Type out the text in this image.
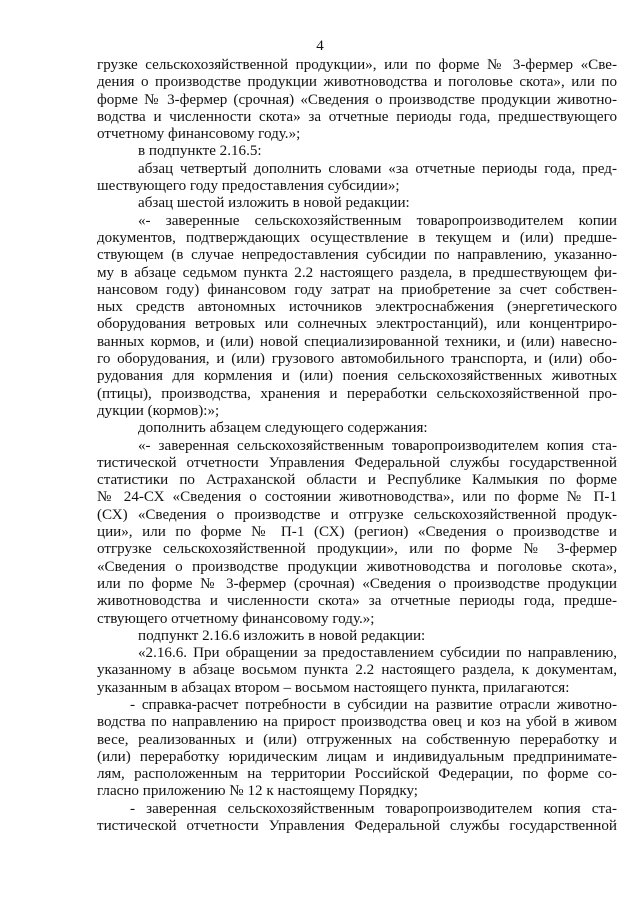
4
грузке сельскохозяйственной продукции», или по форме № 3-фермер «Све-
дения о производстве продукции животноводства и поголовье скота», или по
форме № 3-фермер (срочная) «Сведения о производстве продукции животно-
водства и численности скота» за отчетные периоды года, предшествующего
отчетному финансовому году.»;
в подпункте 2.16.5:
абзац четвертый дополнить словами «за отчетные периоды года, пред-
шествующего году предоставления субсидии»;
абзац шестой изложить в новой редакции:
«- заверенные сельскохозяйственным товаропроизводителем копии
документов, подтверждающих осуществление в текущем и (или) предше-
ствующем (в случае непредоставления субсидии по направлению, указанно-
му в абзаце седьмом пункта 2.2 настоящего раздела, в предшествующем фи-
нансовом году) финансовом году затрат на приобретение за счет собствен-
ных средств автономных источников электроснабжения (энергетического
оборудования ветровых или солнечных электростанций), или концентриро-
ванных кормов, и (или) новой специализированной техники, и (или) навесно-
го оборудования, и (или) грузового автомобильного транспорта, и (или) обо-
рудования для кормления и (или) поения сельскохозяйственных животных
(птицы), производства, хранения и переработки сельскохозяйственной про-
дукции (кормов):»;
дополнить абзацем следующего содержания:
«- заверенная сельскохозяйственным товаропроизводителем копия ста-
тистической отчетности Управления Федеральной службы государственной
статистики по Астраханской области и Республике Калмыкия по форме
№ 24-СХ «Сведения о состоянии животноводства», или по форме № П-1
(СХ) «Сведения о производстве и отгрузке сельскохозяйственной продук-
ции», или по форме № П-1 (СХ) (регион) «Сведения о производстве и
отгрузке сельскохозяйственной продукции», или по форме № 3-фермер
«Сведения о производстве продукции животноводства и поголовье скота»,
или по форме № 3-фермер (срочная) «Сведения о производстве продукции
животноводства и численности скота» за отчетные периоды года, предше-
ствующего отчетному финансовому году.»;
подпункт 2.16.6 изложить в новой редакции:
«2.16.6. При обращении за предоставлением субсидии по направлению,
указанному в абзаце восьмом пункта 2.2 настоящего раздела, к документам,
указанным в абзацах втором – восьмом настоящего пункта, прилагаются:
- справка-расчет потребности в субсидии на развитие отрасли животно-
водства по направлению на прирост производства овец и коз на убой в живом
весе, реализованных и (или) отгруженных на собственную переработку и
(или) переработку юридическим лицам и индивидуальным предпринимате-
лям, расположенным на территории Российской Федерации, по форме со-
гласно приложению № 12 к настоящему Порядку;
- заверенная сельскохозяйственным товаропроизводителем копия ста-
тистической отчетности Управления Федеральной службы государственной
